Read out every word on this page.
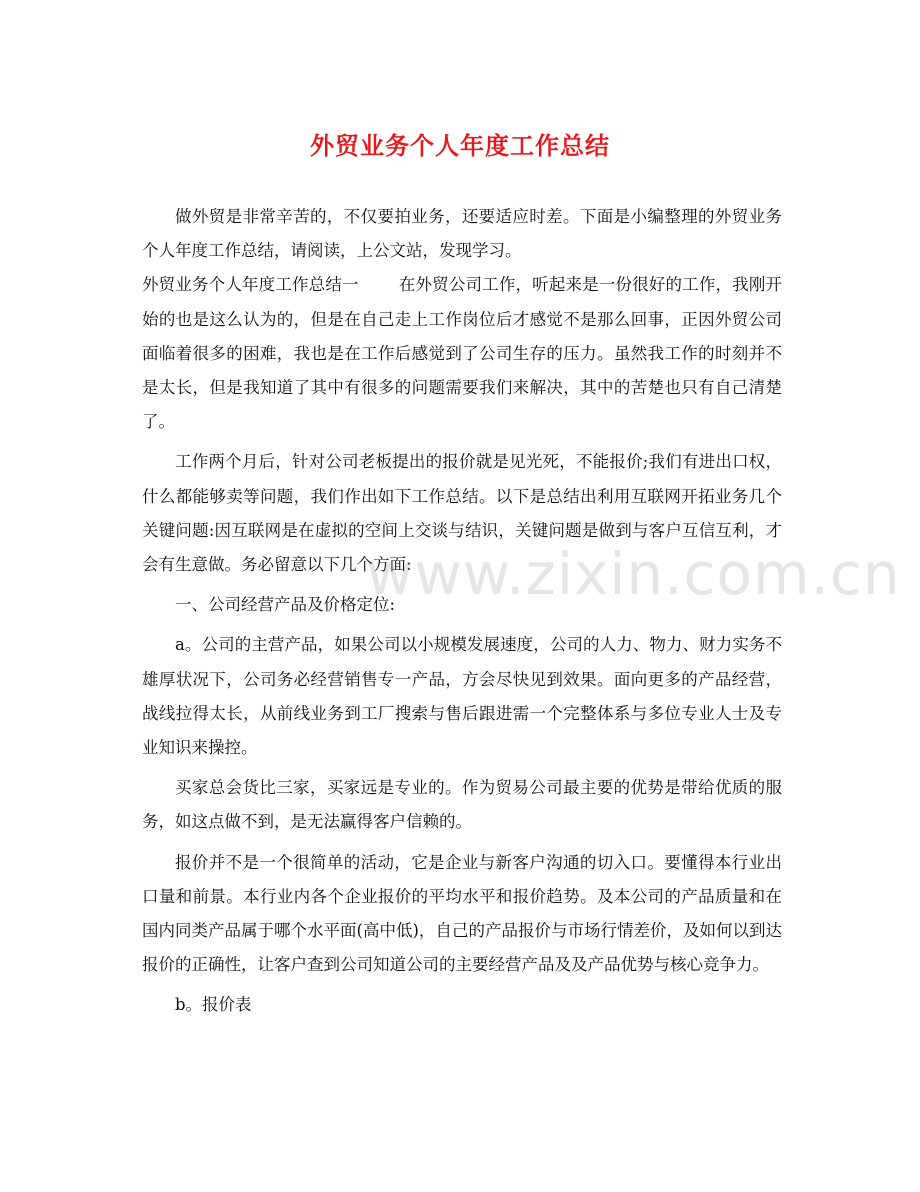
外贸业务个人年度工作总结

做外贸是非常辛苦的，不仅要拍业务，还要适应时差。下面是小编整理的外贸业务个人年度工作总结，请阅读，上公文站，发现学习。

外贸业务个人年度工作总结一 在外贸公司工作，听起来是一份很好的工作，我刚开始的也是这么认为的，但是在自己走上工作岗位后才感觉不是那么回事，正因外贸公司面临着很多的困难，我也是在工作后感觉到了公司生存的压力。虽然我工作的时刻并不是太长，但是我知道了其中有很多的问题需要我们来解决，其中的苦楚也只有自己清楚了。

工作两个月后，针对公司老板提出的报价就是见光死，不能报价;我们有进出口权，什么都能够卖等问题，我们作出如下工作总结。以下是总结出利用互联网开拓业务几个关键问题:因互联网是在虚拟的空间上交谈与结识，关键问题是做到与客户互信互利，才会有生意做。务必留意以下几个方面:

一、公司经营产品及价格定位:

a。公司的主营产品，如果公司以小规模发展速度，公司的人力、物力、财力实务不雄厚状况下，公司务必经营销售专一产品，方会尽快见到效果。面向更多的产品经营，战线拉得太长，从前线业务到工厂搜索与售后跟进需一个完整体系与多位专业人士及专业知识来操控。

买家总会货比三家，买家远是专业的。作为贸易公司最主要的优势是带给优质的服务，如这点做不到，是无法赢得客户信赖的。

报价并不是一个很简单的活动，它是企业与新客户沟通的切入口。要懂得本行业出口量和前景。本行业内各个企业报价的平均水平和报价趋势。及本公司的产品质量和在国内同类产品属于哪个水平面(高中低)，自己的产品报价与市场行情差价，及如何以到达报价的正确性，让客户查到公司知道公司的主要经营产品及及产品优势与核心竞争力。

b。报价表

www.zixin.com.cn
